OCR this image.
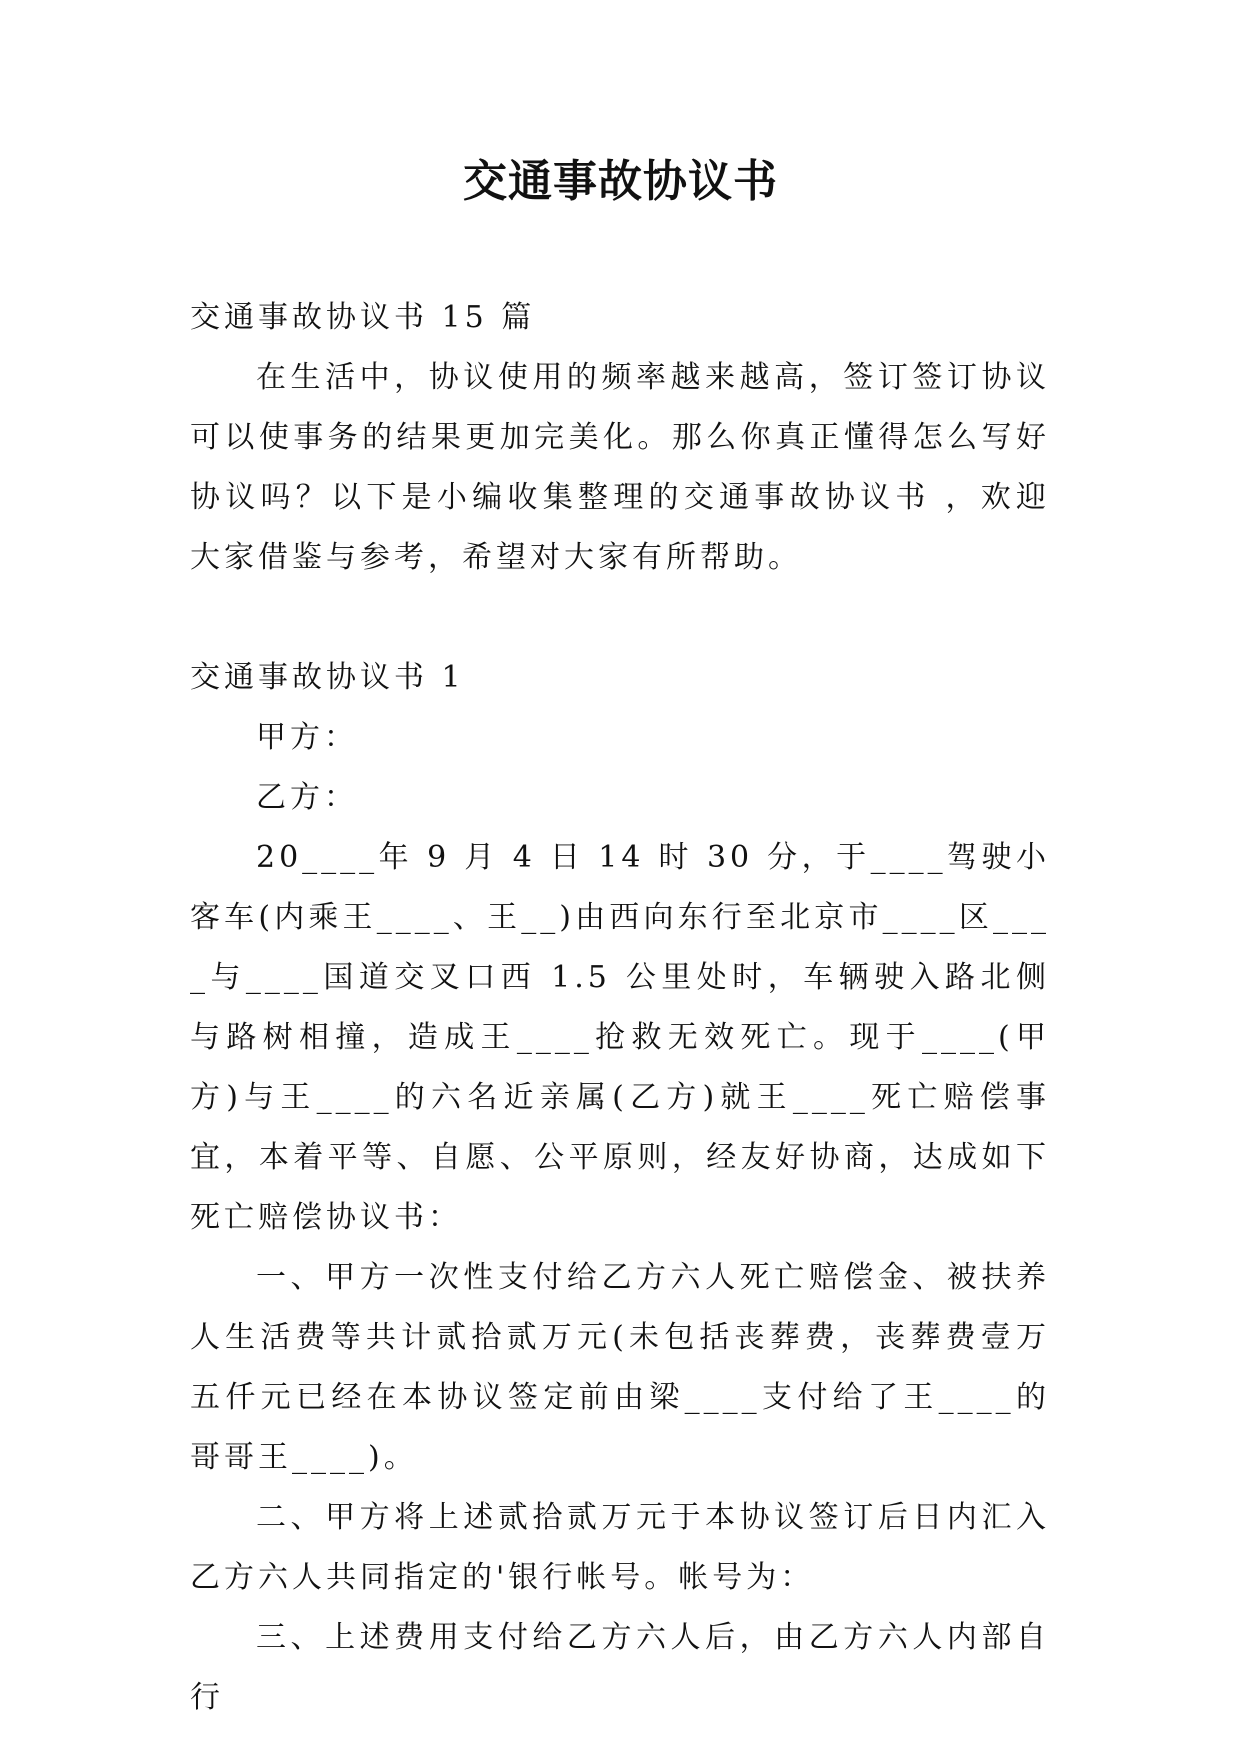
交通事故协议书

交通事故协议书 15 篇

在生活中，协议使用的频率越来越高，签订签订协议可以使事务的结果更加完美化。那么你真正懂得怎么写好协议吗？以下是小编收集整理的交通事故协议书 ，欢迎大家借鉴与参考，希望对大家有所帮助。

交通事故协议书 1

甲方：

乙方：

20____年 9 月 4 日 14 时 30 分，于____驾驶小客车(内乘王____、王__)由西向东行至北京市____区____与____国道交叉口西 1.5 公里处时，车辆驶入路北侧与路树相撞，造成王____抢救无效死亡。现于____(甲方)与王____的六名近亲属(乙方)就王____死亡赔偿事宜，本着平等、自愿、公平原则，经友好协商，达成如下死亡赔偿协议书：

一、甲方一次性支付给乙方六人死亡赔偿金、被扶养人生活费等共计贰拾贰万元(未包括丧葬费，丧葬费壹万五仟元已经在本协议签定前由梁____支付给了王____的哥哥王____)。

二、甲方将上述贰拾贰万元于本协议签订后日内汇入乙方六人共同指定的'银行帐号。帐号为：

三、上述费用支付给乙方六人后，由乙方六人内部自行
